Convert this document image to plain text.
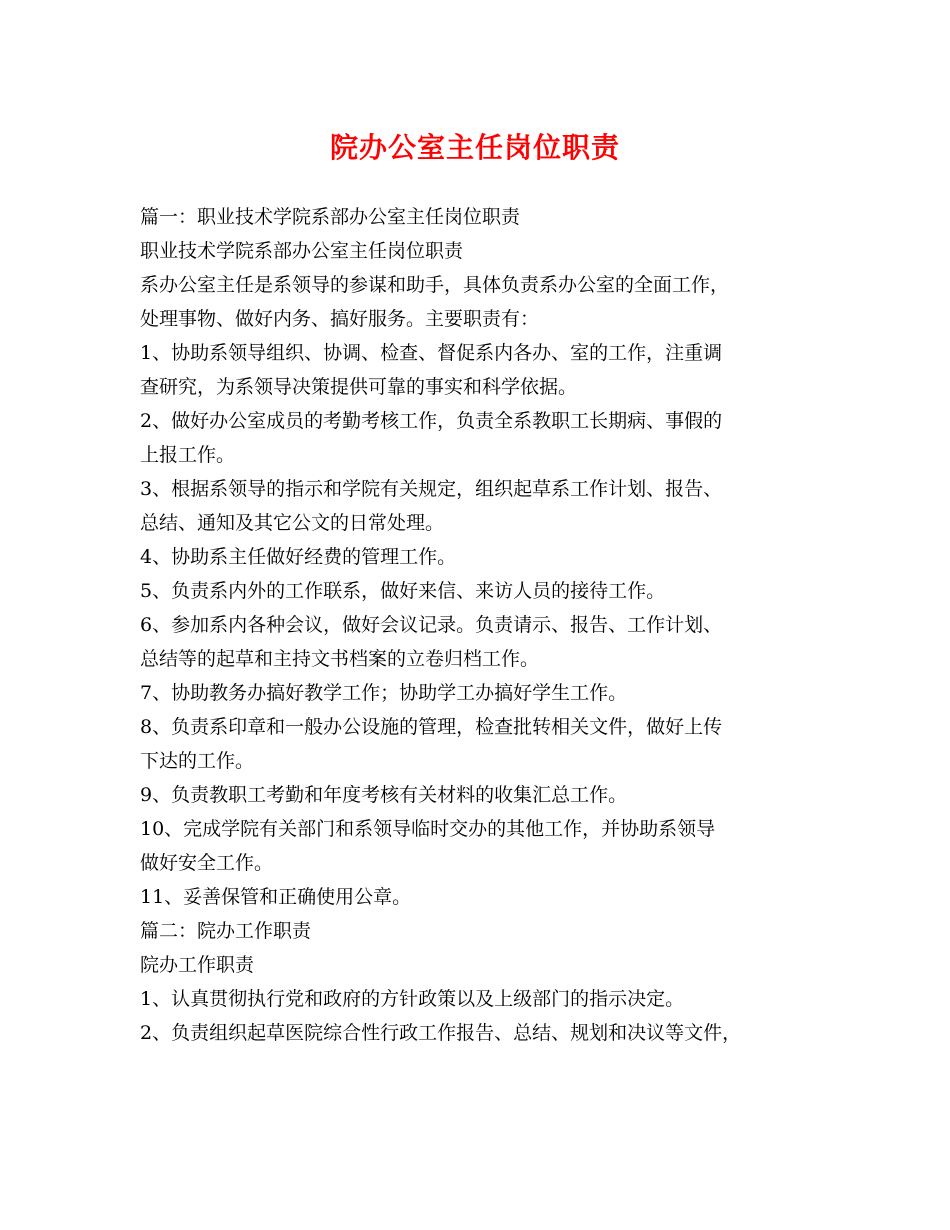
院办公室主任岗位职责
篇一：职业技术学院系部办公室主任岗位职责
职业技术学院系部办公室主任岗位职责
系办公室主任是系领导的参谋和助手，具体负责系办公室的全面工作，
处理事物、做好内务、搞好服务。主要职责有：
1、协助系领导组织、协调、检查、督促系内各办、室的工作，注重调
查研究，为系领导决策提供可靠的事实和科学依据。
2、做好办公室成员的考勤考核工作，负责全系教职工长期病、事假的
上报工作。
3、根据系领导的指示和学院有关规定，组织起草系工作计划、报告、
总结、通知及其它公文的日常处理。
4、协助系主任做好经费的管理工作。
5、负责系内外的工作联系，做好来信、来访人员的接待工作。
6、参加系内各种会议，做好会议记录。负责请示、报告、工作计划、
总结等的起草和主持文书档案的立卷归档工作。
7、协助教务办搞好教学工作；协助学工办搞好学生工作。
8、负责系印章和一般办公设施的管理，检查批转相关文件，做好上传
下达的工作。
9、负责教职工考勤和年度考核有关材料的收集汇总工作。
10、完成学院有关部门和系领导临时交办的其他工作，并协助系领导
做好安全工作。
11、妥善保管和正确使用公章。
篇二：院办工作职责
院办工作职责
1、认真贯彻执行党和政府的方针政策以及上级部门的指示决定。
2、负责组织起草医院综合性行政工作报告、总结、规划和决议等文件，
